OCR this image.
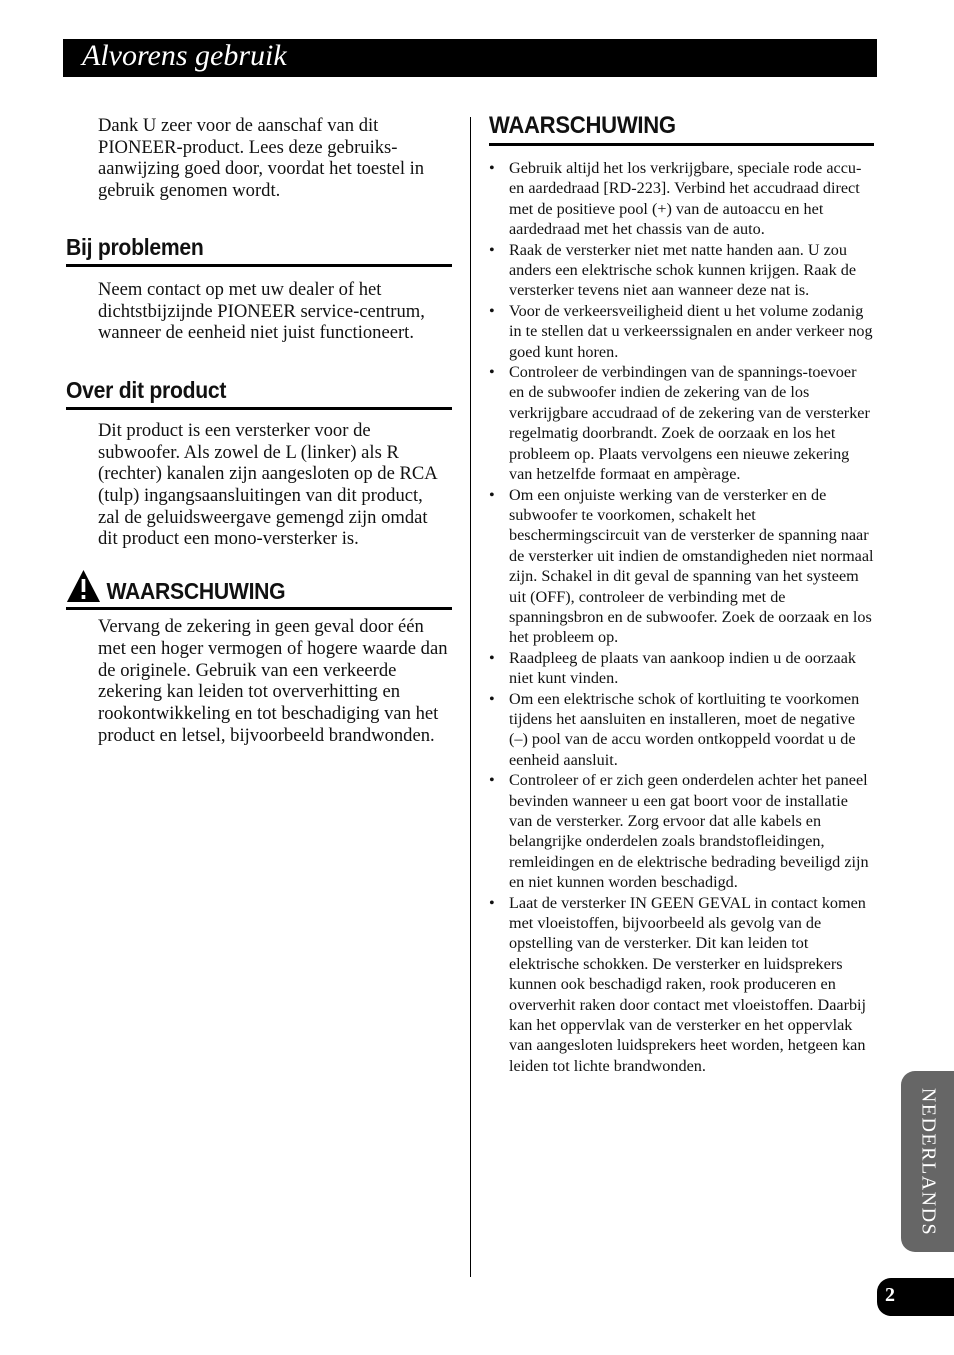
Alvorens gebruik

Dank U zeer voor de aanschaf van dit PIONEER-product. Lees deze gebruiks-aanwijzing goed door, voordat het toestel in gebruik genomen wordt.

Bij problemen

Neem contact op met uw dealer of het dichtstbijzijnde PIONEER service-centrum, wanneer de eenheid niet juist functioneert.

Over dit product

Dit product is een versterker voor de subwoofer. Als zowel de L (linker) als R (rechter) kanalen zijn aangesloten op de RCA (tulp) ingangsaansluitingen van dit product, zal de geluidsweergave gemengd zijn omdat dit product een mono-versterker is.

WAARSCHUWING

Vervang de zekering in geen geval door één met een hoger vermogen of hogere waarde dan de originele. Gebruik van een verkeerde zekering kan leiden tot oververhitting en rookontwikkeling en tot beschadiging van het product en letsel, bijvoorbeeld brandwonden.

WAARSCHUWING
• Gebruik altijd het los verkrijgbare, speciale rode accu- en aardedraad [RD-223]. Verbind het accudraad direct met de positieve pool (+) van de autoaccu en het aardedraad met het chassis van de auto.
• Raak de versterker niet met natte handen aan. U zou anders een elektrische schok kunnen krijgen. Raak de versterker tevens niet aan wanneer deze nat is.
• Voor de verkeersveiligheid dient u het volume zodanig in te stellen dat u verkeerssignalen en ander verkeer nog goed kunt horen.
• Controleer de verbindingen van de spannings-toevoer en de subwoofer indien de zekering van de los verkrijgbare accudraad of de zekering van de versterker regelmatig doorbrandt. Zoek de oorzaak en los het probleem op. Plaats vervolgens een nieuwe zekering van hetzelfde formaat en ampèrage.
• Om een onjuiste werking van de versterker en de subwoofer te voorkomen, schakelt het beschermingscircuit van de versterker de spanning naar de versterker uit indien de omstandigheden niet normaal zijn. Schakel in dit geval de spanning van het systeem uit (OFF), controleer de verbinding met de spanningsbron en de subwoofer. Zoek de oorzaak en los het probleem op.
• Raadpleeg de plaats van aankoop indien u de oorzaak niet kunt vinden.
• Om een elektrische schok of kortluiting te voorkomen tijdens het aansluiten en installeren, moet de negative (–) pool van de accu worden ontkoppeld voordat u de eenheid aansluit.
• Controleer of er zich geen onderdelen achter het paneel bevinden wanneer u een gat boort voor de installatie van de versterker. Zorg ervoor dat alle kabels en belangrijke onderdelen zoals brandstofleidingen, remleidingen en de elektrische bedrading beveiligd zijn en niet kunnen worden beschadigd.
• Laat de versterker IN GEEN GEVAL in contact komen met vloeistoffen, bijvoorbeeld als gevolg van de opstelling van de versterker. Dit kan leiden tot elektrische schokken. De versterker en luidsprekers kunnen ook beschadigd raken, rook produceren en oververhit raken door contact met vloeistoffen. Daarbij kan het oppervlak van de versterker en het oppervlak van aangesloten luidsprekers heet worden, hetgeen kan leiden tot lichte brandwonden.
NEDERLANDS
2
